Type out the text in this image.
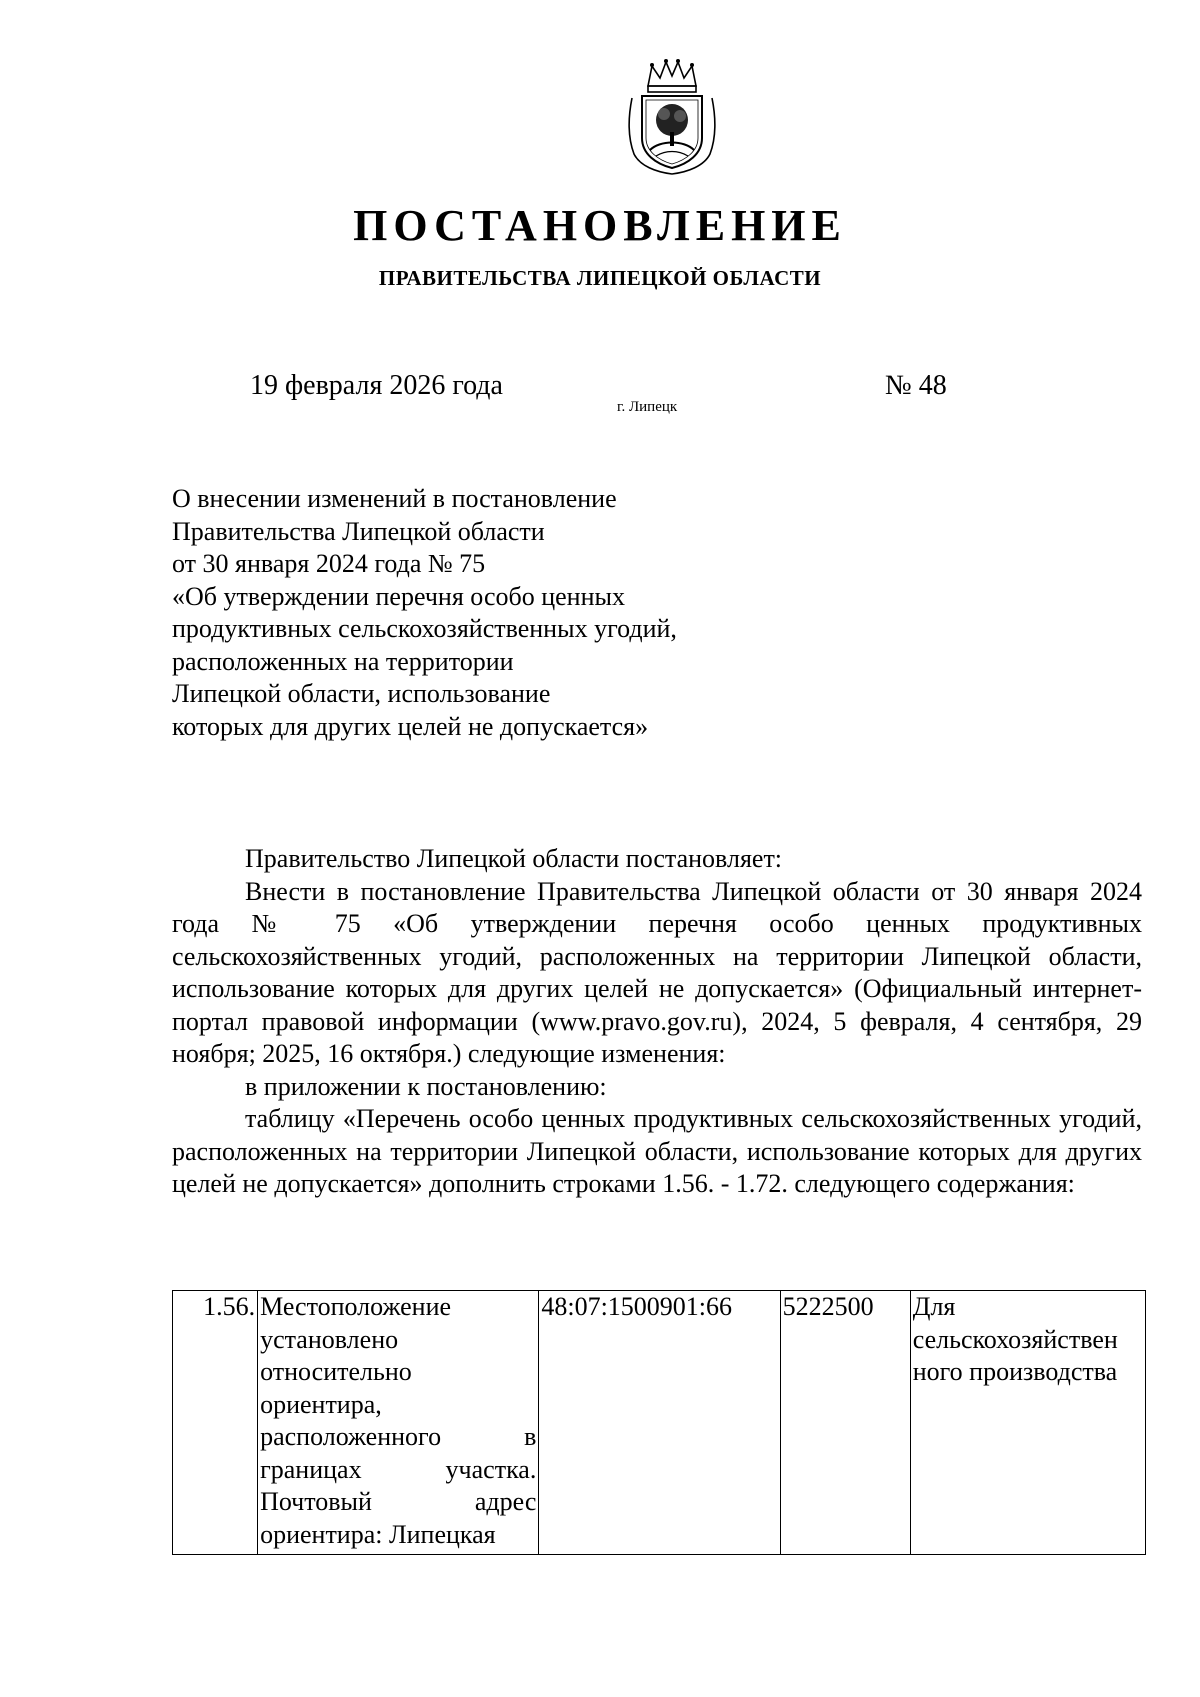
ПОСТАНОВЛЕНИЕ
ПРАВИТЕЛЬСТВА ЛИПЕЦКОЙ ОБЛАСТИ
19 февраля 2026 года
г. Липецк
№ 48
О внесении изменений в постановление
Правительства Липецкой области
от 30 января 2024 года № 75
«Об утверждении перечня особо ценных
продуктивных сельскохозяйственных угодий,
расположенных на территории
Липецкой области, использование
которых для других целей не допускается»

Правительство Липецкой области постановляет:

Внести в постановление Правительства Липецкой области от 30 января 2024 года № 75 «Об утверждении перечня особо ценных продуктивных сельскохозяйственных угодий, расположенных на территории Липецкой области, использование которых для других целей не допускается» (Официальный интернет-портал правовой информации (www.pravo.gov.ru), 2024, 5 февраля, 4 сентября, 29 ноября; 2025, 16 октября.) следующие изменения:

в приложении к постановлению:

таблицу «Перечень особо ценных продуктивных сельскохозяйственных угодий, расположенных на территории Липецкой области, использование которых для других целей не допускается» дополнить строками 1.56. - 1.72. следующего содержания:

1.56.	Местоположение установлено относительно ориентира, расположенного в границах участка. Почтовый адрес ориентира: Липецкая	48:07:1500901:66	5222500	Для
сельскохозяйствен
ного производства
